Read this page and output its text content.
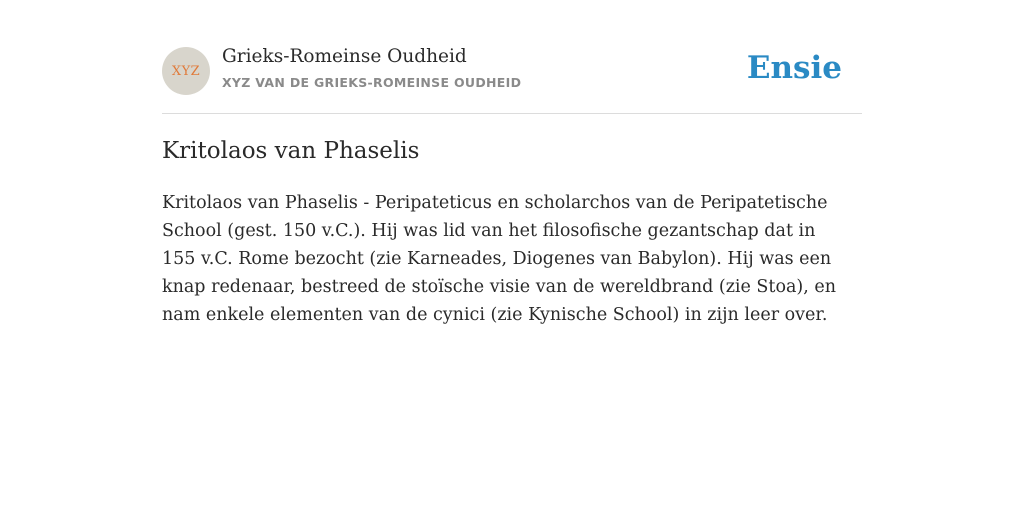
XYZ
Grieks-Romeinse Oudheid
XYZ VAN DE GRIEKS-ROMEINSE OUDHEID	Ensie
Kritolaos van Phaselis

Kritolaos van Phaselis - Peripateticus en scholarchos van de Peripatetische School (gest. 150 v.C.). Hij was lid van het filosofische gezantschap dat in 155 v.C. Rome bezocht (zie Karneades, Diogenes van Babylon). Hij was een knap redenaar, bestreed de stoïsche visie van de wereldbrand (zie Stoa), en nam enkele elementen van de cynici (zie Kynische School) in zijn leer over.
